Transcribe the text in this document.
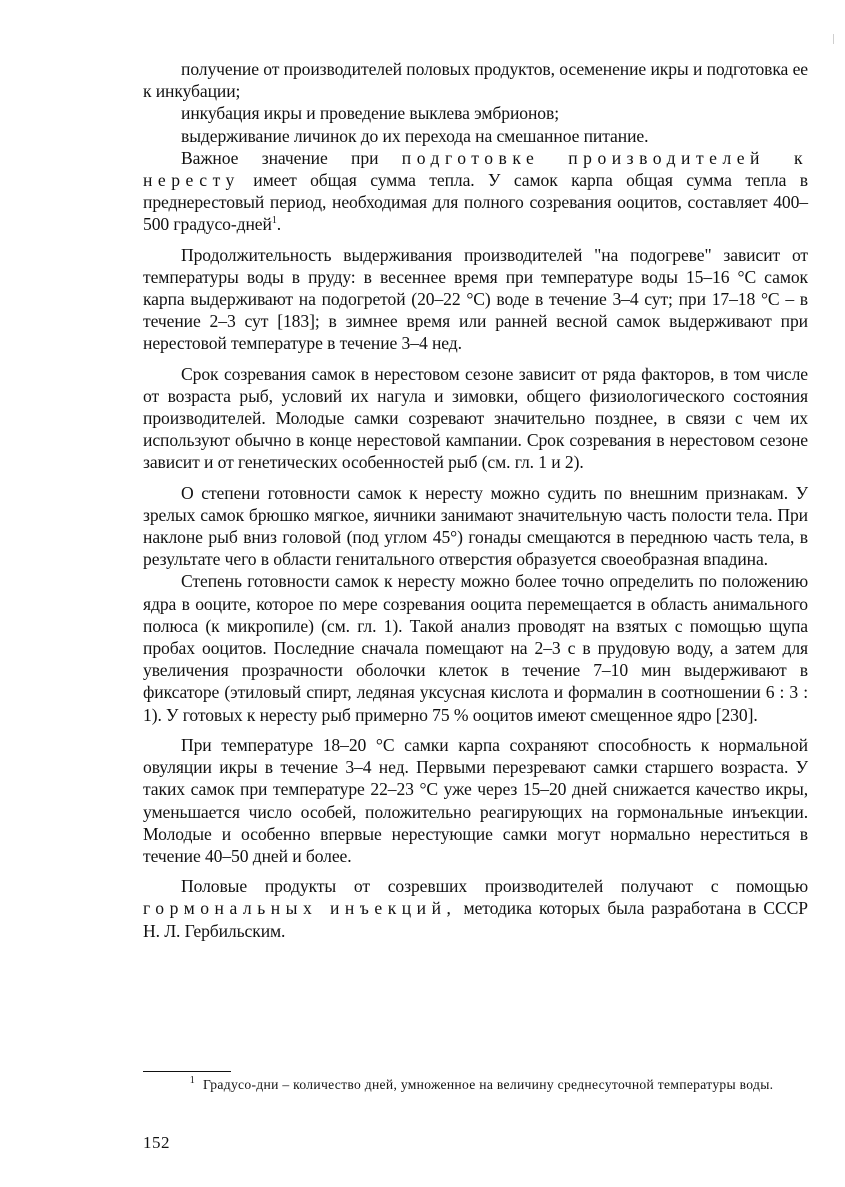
получение от производителей половых продуктов, осеменение икры и подготовка ее к инкубации;

инкубация икры и проведение выклева эмбрионов;

выдерживание личинок до их перехода на смешанное питание.

Важное значение при подготовке производителей к нересту имеет общая сумма тепла. У самок карпа общая сумма тепла в преднерестовый период, необходимая для полного созревания ооцитов, составляет 400–500 градусо-дней$^1$.

Продолжительность выдерживания производителей "на подогреве" зависит от температуры воды в пруду: в весеннее время при температуре воды 15–16 °С самок карпа выдерживают на подогретой (20–22 °С) воде в течение 3–4 сут; при 17–18 °С – в течение 2–3 сут [183]; в зимнее время или ранней весной самок выдерживают при нерестовой температуре в течение 3–4 нед.

Срок созревания самок в нерестовом сезоне зависит от ряда факторов, в том числе от возраста рыб, условий их нагула и зимовки, общего физиологического состояния производителей. Молодые самки созревают значительно позднее, в связи с чем их используют обычно в конце нерестовой кампании. Срок созревания в нерестовом сезоне зависит и от генетических особенностей рыб (см. гл. 1 и 2).

О степени готовности самок к нересту можно судить по внешним признакам. У зрелых самок брюшко мягкое, яичники занимают значительную часть полости тела. При наклоне рыб вниз головой (под углом 45°) гонады смещаются в переднюю часть тела, в результате чего в области генитального отверстия образуется своеобразная впадина.

Степень готовности самок к нересту можно более точно определить по положению ядра в ооците, которое по мере созревания ооцита перемещается в область анимального полюса (к микропиле) (см. гл. 1). Такой анализ проводят на взятых с помощью щупа пробах ооцитов. Последние сначала помещают на 2–3 с в прудовую воду, а затем для увеличения прозрачности оболочки клеток в течение 7–10 мин выдерживают в фиксаторе (этиловый спирт, ледяная уксусная кислота и формалин в соотношении 6 : 3 : 1). У готовых к нересту рыб примерно 75 % ооцитов имеют смещенное ядро [230].

При температуре 18–20 °С самки карпа сохраняют способность к нормальной овуляции икры в течение 3–4 нед. Первыми перезревают самки старшего возраста. У таких самок при температуре 22–23 °С уже через 15–20 дней снижается качество икры, уменьшается число особей, положительно реагирующих на гормональные инъекции. Молодые и особенно впервые нерестующие самки могут нормально нереститься в течение 40–50 дней и более.

Половые продукты от созревших производителей получают с помощью гормональных инъекций, методика которых была разработана в СССР Н. Л. Гербильским.

1 Градусо-дни – количество дней, умноженное на величину среднесуточной температуры воды.
152
